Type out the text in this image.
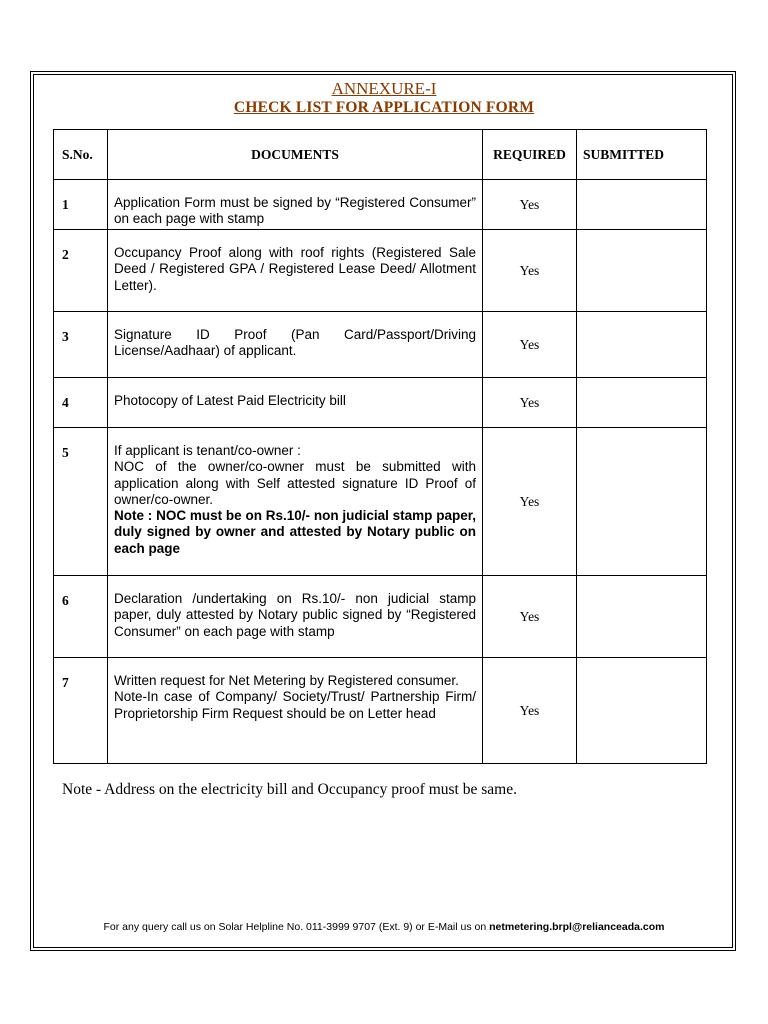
ANNEXURE-I
CHECK LIST FOR APPLICATION FORM
S.No.	DOCUMENTS	REQUIRED	SUBMITTED
1	Application Form must be signed by “Registered Consumer” on each page with stamp	Yes	
2	Occupancy Proof along with roof rights (Registered Sale Deed / Registered GPA / Registered Lease Deed/ Allotment Letter).	Yes	
3	Signature ID Proof (Pan Card/Passport/Driving License/Aadhaar) of applicant.	Yes	
4	Photocopy of Latest Paid Electricity bill	Yes	
5	If applicant is tenant/co-owner :
NOC of the owner/co-owner must be submitted with application along with Self attested signature ID Proof of owner/co-owner.
Note : NOC must be on Rs.10/- non judicial stamp paper, duly signed by owner and attested by Notary public on each page	Yes	
6	Declaration /undertaking on Rs.10/- non judicial stamp paper, duly attested by Notary public signed by “Registered Consumer” on each page with stamp	Yes	
7	Written request for Net Metering by Registered consumer.
Note-In case of Company/ Society/Trust/ Partnership Firm/ Proprietorship Firm Request should be on Letter head	Yes	
Note - Address on the electricity bill and Occupancy proof must be same.
For any query call us on Solar Helpline No. 011-3999 9707 (Ext. 9) or E-Mail us on netmetering.brpl@relianceada.com
